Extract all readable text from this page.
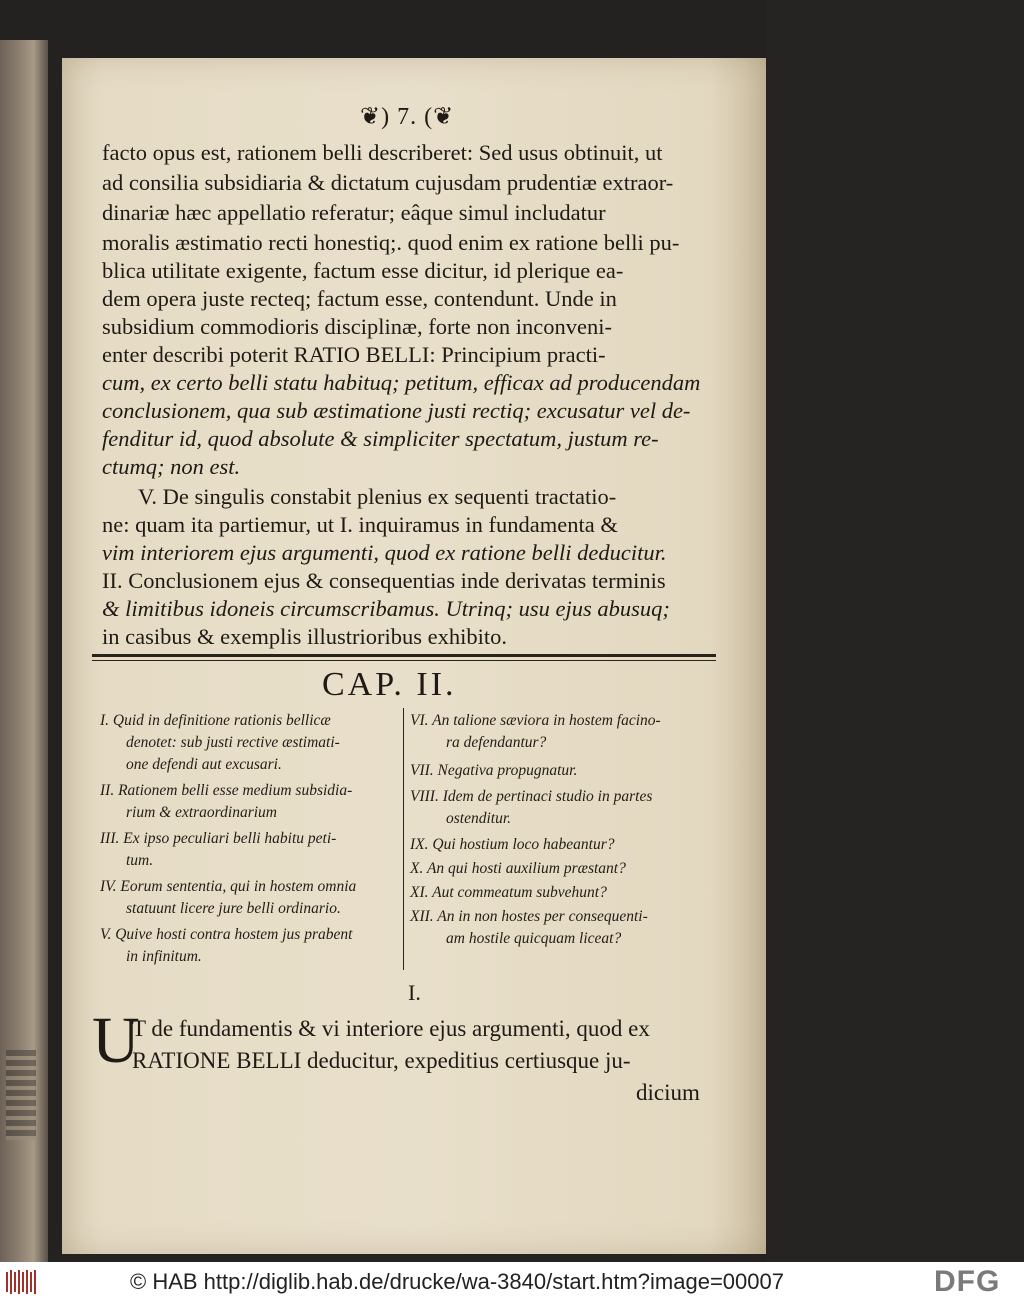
❦) 7. (❦
facto opus est, rationem belli describeret: Sed usus obtinuit, ut
ad consilia subsidiaria & dictatum cujusdam prudentiæ extraor-
dinariæ hæc appellatio referatur; eâque simul includatur
moralis æstimatio recti honestiq;. quod enim ex ratione belli pu-
blica utilitate exigente, factum esse dicitur, id plerique ea-
dem opera juste recteq; factum esse, contendunt. Unde in
subsidium commodioris disciplinæ, forte non inconveni-
enter describi poterit RATIO BELLI: Principium practi-
cum, ex certo belli statu habituq; petitum, efficax ad producendam
conclusionem, qua sub æstimatione justi rectiq; excusatur vel de-
fenditur id, quod absolute & simpliciter spectatum, justum re-
ctumq; non est.
V. De singulis constabit plenius ex sequenti tractatio-
ne: quam ita partiemur, ut I. inquiramus in fundamenta &
vim interiorem ejus argumenti, quod ex ratione belli deducitur.
II. Conclusionem ejus & consequentias inde derivatas terminis
& limitibus idoneis circumscribamus. Utrinq; usu ejus abusuq;
in casibus & exemplis illustrioribus exhibito.
CAP. II.
I. Quid in definitione rationis bellicæ
denotet: sub justi rective æstimati-
one defendi aut excusari.
II. Rationem belli esse medium subsidia-
rium & extraordinarium
III. Ex ipso peculiari belli habitu peti-
tum.
IV. Eorum sententia, qui in hostem omnia
statuunt licere jure belli ordinario.
V. Quive hosti contra hostem jus prabent
in infinitum.
VI. An talione sæviora in hostem facino-
ra defendantur?
VII. Negativa propugnatur.
VIII. Idem de pertinaci studio in partes
ostenditur.
IX. Qui hostium loco habeantur?
X. An qui hosti auxilium præstant?
XI. Aut commeatum subvehunt?
XII. An in non hostes per consequenti-
am hostile quicquam liceat?
I.
U
T de fundamentis & vi interiore ejus argumenti, quod ex
RATIONE BELLI deducitur, expeditius certiusque ju-
dicium
© HAB http://diglib.hab.de/drucke/wa-3840/start.htm?image=00007	DFG
